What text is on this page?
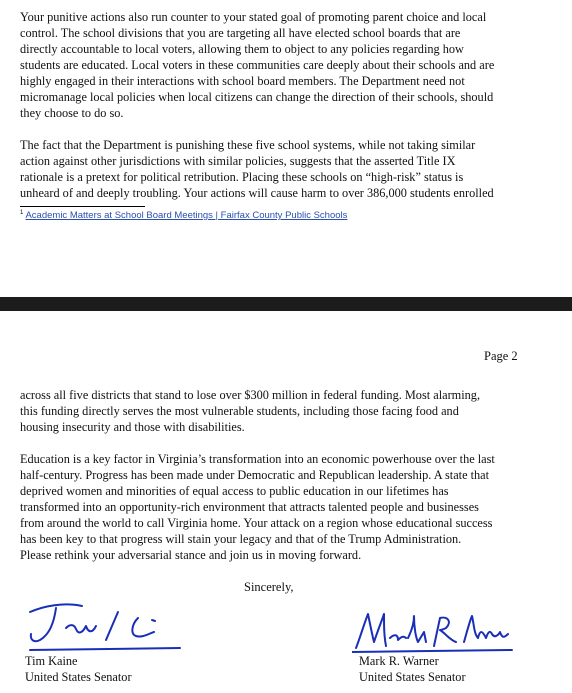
Your punitive actions also run counter to your stated goal of promoting parent choice and local
control. The school divisions that you are targeting all have elected school boards that are
directly accountable to local voters, allowing them to object to any policies regarding how
students are educated. Local voters in these communities care deeply about their schools and are
highly engaged in their interactions with school board members. The Department need not
micromanage local policies when local citizens can change the direction of their schools, should
they choose to do so.
The fact that the Department is punishing these five school systems, while not taking similar
action against other jurisdictions with similar policies, suggests that the asserted Title IX
rationale is a pretext for political retribution. Placing these schools on “high-risk” status is
unheard of and deeply troubling. Your actions will cause harm to over 386,000 students enrolled
$^1$ Academic Matters at School Board Meetings | Fairfax County Public Schools
Page 2
across all five districts that stand to lose over $300 million in federal funding. Most alarming,
this funding directly serves the most vulnerable students, including those facing food and
housing insecurity and those with disabilities.
Education is a key factor in Virginia’s transformation into an economic powerhouse over the last
half-century. Progress has been made under Democratic and Republican leadership. A state that
deprived women and minorities of equal access to public education in our lifetimes has
transformed into an opportunity-rich environment that attracts talented people and businesses
from around the world to call Virginia home. Your attack on a region whose educational success
has been key to that progress will stain your legacy and that of the Trump Administration.
Please rethink your adversarial stance and join us in moving forward.
Sincerely,
Tim Kaine
United States Senator
Mark R. Warner
United States Senator
